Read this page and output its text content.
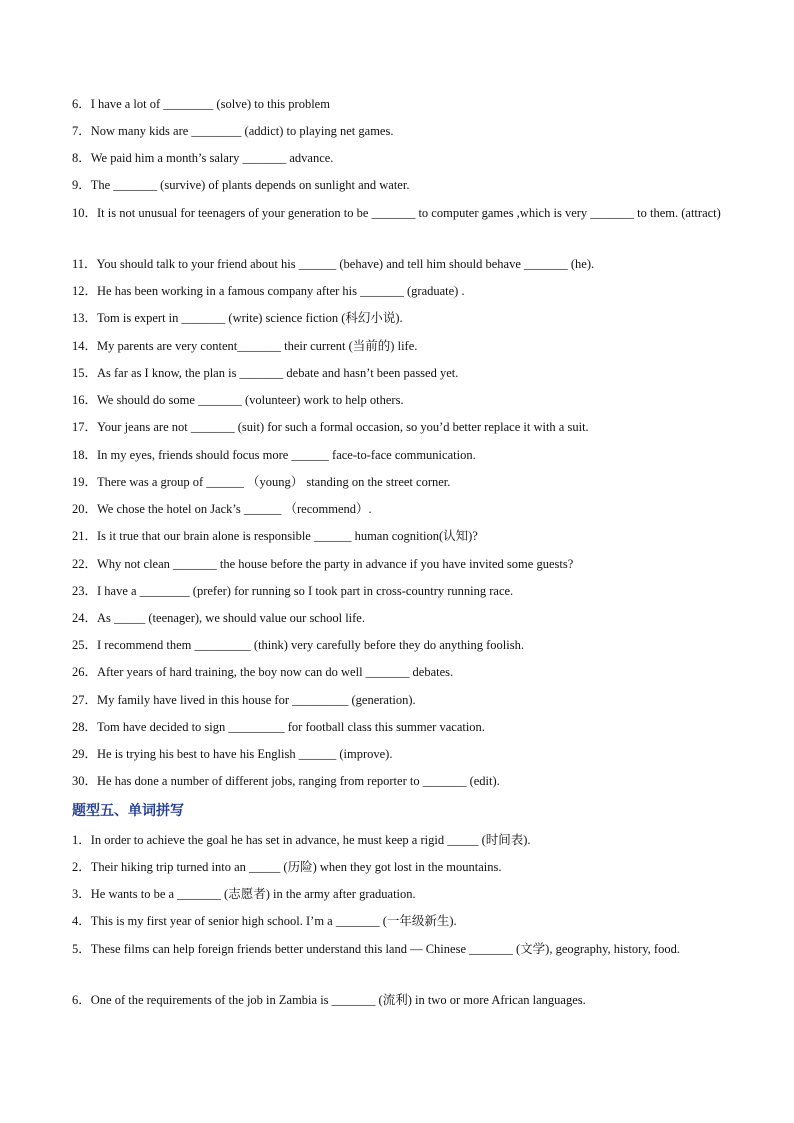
6．I have a lot of ________ (solve) to this problem
7．Now many kids are ________ (addict) to playing net games.
8．We paid him a month’s salary _______ advance.
9．The _______ (survive) of plants depends on sunlight and water.
10．It is not unusual for teenagers of your generation to be _______ to computer games ,which is very _______ to them. (attract)
11．You should talk to your friend about his ______ (behave) and tell him should behave _______ (he).
12．He has been working in a famous company after his _______ (graduate) .
13．Tom is expert in _______ (write) science fiction (科幻小说).
14．My parents are very content_______ their current (当前的) life.
15．As far as I know, the plan is _______ debate and hasn’t been passed yet.
16．We should do some _______ (volunteer) work to help others.
17．Your jeans are not _______ (suit) for such a formal occasion, so you’d better replace it with a suit.
18．In my eyes, friends should focus more ______ face-to-face communication.
19．There was a group of ______ （young） standing on the street corner.
20．We chose the hotel on Jack’s ______ （recommend）.
21．Is it true that our brain alone is responsible ______ human cognition(认知)?
22．Why not clean _______ the house before the party in advance if you have invited some guests?
23．I have a ________ (prefer) for running so I took part in cross-country running race.
24．As _____ (teenager), we should value our school life.
25．I recommend them _________ (think) very carefully before they do anything foolish.
26．After years of hard training, the boy now can do well _______ debates.
27．My family have lived in this house for _________ (generation).
28．Tom have decided to sign _________ for football class this summer vacation.
29．He is trying his best to have his English ______ (improve).
30．He has done a number of different jobs, ranging from reporter to _______ (edit).
题型五、单词拼写
1．In order to achieve the goal he has set in advance, he must keep a rigid _____ (时间表).
2．Their hiking trip turned into an _____ (历险) when they got lost in the mountains.
3．He wants to be a _______ (志愿者) in the army after graduation.
4．This is my first year of senior high school. I’m a _______ (一年级新生).
5．These films can help foreign friends better understand this land — Chinese _______ (文学), geography, history, food.
6．One of the requirements of the job in Zambia is _______ (流利) in two or more African languages.
